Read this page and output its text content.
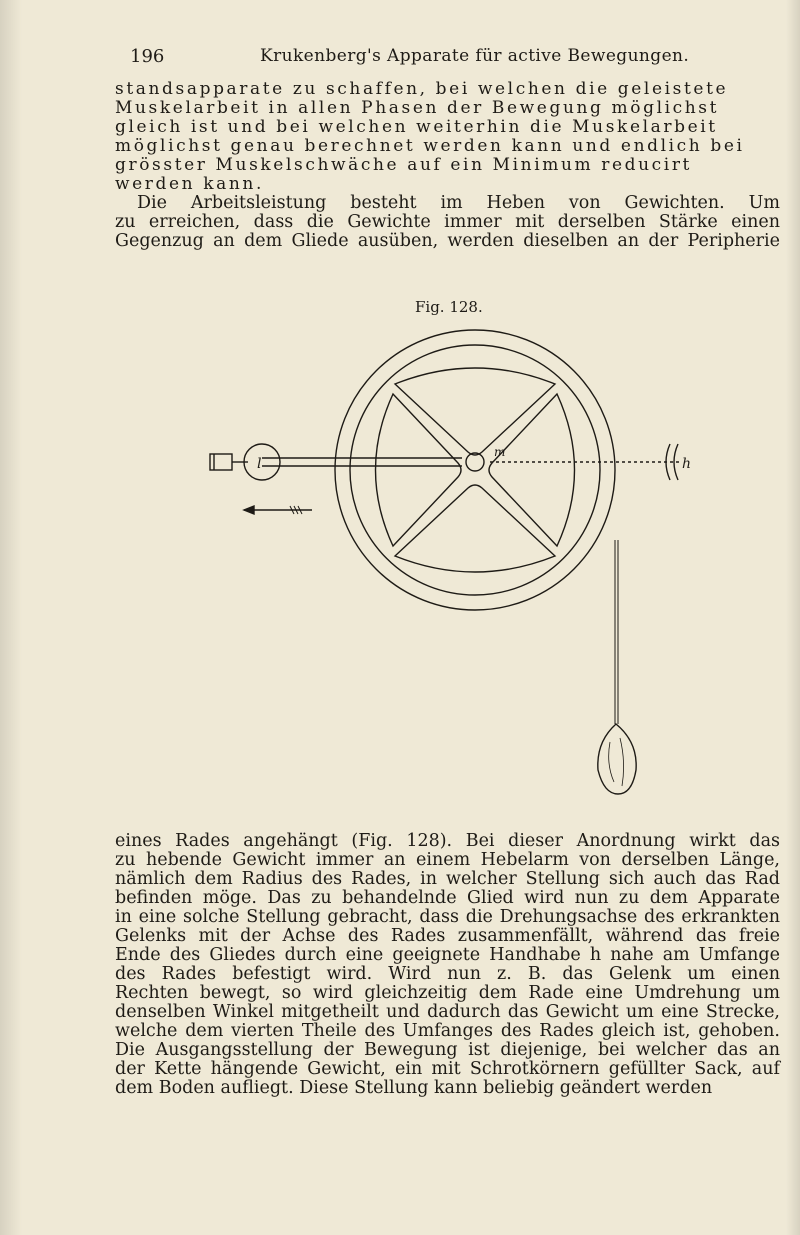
196	Krukenberg's Apparate für active Bewegungen.
standsapparate zu schaffen, bei welchen die geleistete
Muskelarbeit in allen Phasen der Bewegung möglichst
gleich ist und bei welchen weiterhin die Muskelarbeit
möglichst genau berechnet werden kann und endlich bei
grösster Muskelschwäche auf ein Minimum reducirt
werden kann.
Die Arbeitsleistung besteht im Heben von Gewichten. Um
zu erreichen, dass die Gewichte immer mit derselben Stärke einen
Gegenzug an dem Gliede ausüben, werden dieselben an der Peripherie
Fig. 128.
l
m
h
eines Rades angehängt (Fig. 128). Bei dieser Anordnung wirkt das
zu hebende Gewicht immer an einem Hebelarm von derselben Länge,
nämlich dem Radius des Rades, in welcher Stellung sich auch das Rad
befinden möge. Das zu behandelnde Glied wird nun zu dem Apparate
in eine solche Stellung gebracht, dass die Drehungsachse des erkrankten
Gelenks mit der Achse des Rades zusammenfällt, während das freie
Ende des Gliedes durch eine geeignete Handhabe h nahe am Umfange
des Rades befestigt wird. Wird nun z. B. das Gelenk um einen
Rechten bewegt, so wird gleichzeitig dem Rade eine Umdrehung um
denselben Winkel mitgetheilt und dadurch das Gewicht um eine Strecke,
welche dem vierten Theile des Umfanges des Rades gleich ist, gehoben.
Die Ausgangsstellung der Bewegung ist diejenige, bei welcher das an
der Kette hängende Gewicht, ein mit Schrotkörnern gefüllter Sack, auf
dem Boden aufliegt. Diese Stellung kann beliebig geändert werden
